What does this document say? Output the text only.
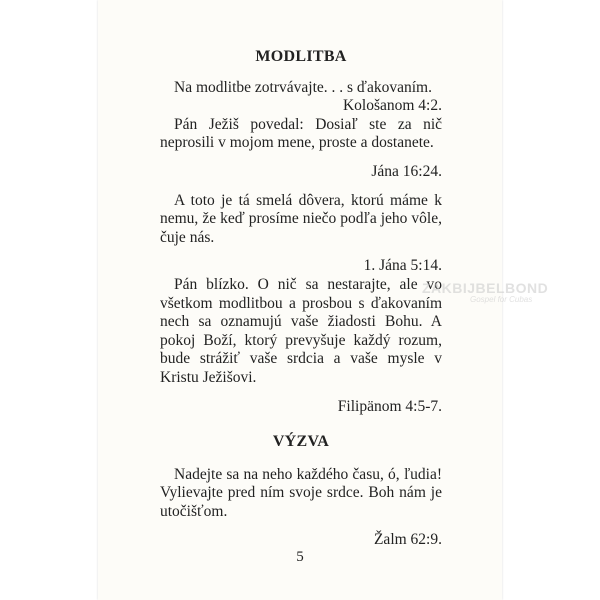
MODLITBA

Na modlitbe zotrvávajte. . . s ďakovaním.

Kološanom 4:2.

Pán Ježiš povedal: Dosiaľ ste za nič neprosili v mojom mene, proste a dostanete.

Jána 16:24.

A toto je tá smelá dôvera, ktorú máme k nemu, že keď prosíme niečo podľa jeho vôle, čuje nás.

1. Jána 5:14.

Pán blízko. O nič sa nestarajte, ale vo všetkom modlitbou a prosbou s ďakovaním nech sa oznamujú vaše žiadosti Bohu. A pokoj Boží, ktorý prevyšuje každý rozum, bude strážiť vaše srdcia a vaše mysle v Kristu Ježišovi.

Filipänom 4:5-7.

VÝZVA

Nadejte sa na neho každého času, ó, ľudia! Vylievajte pred ním svoje srdce. Boh nám je utočišťom.

Žalm 62:9.

5
ZAKBIJBELBOND
Gospel for Cubas
